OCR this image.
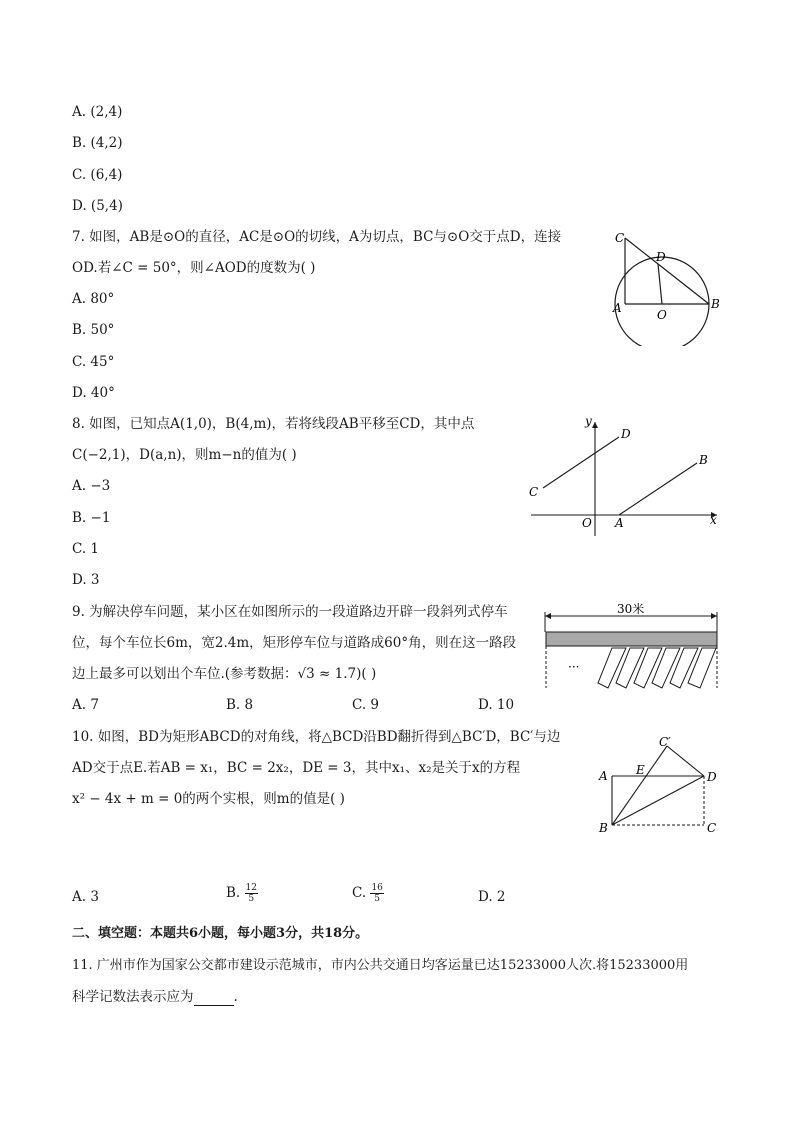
A. (2,4)
B. (4,2)
C. (6,4)
D. (5,4)
7. 如图，AB是⊙O的直径，AC是⊙O的切线，A为切点，BC与⊙O交于点D，连接
OD.若∠C = 50°，则∠AOD的度数为( )
A. 80°
B. 50°
C. 45°
D. 40°
C
D
A	O
B
8. 如图，已知点A(1,0)，B(4,m)，若将线段AB平移至CD，其中点
C(−2,1)，D(a,n)，则m−n的值为( )
A. −3
B. −1
C. 1
D. 3
y
x
D
B
C
O A
9. 为解决停车问题，某小区在如图所示的一段道路边开辟一段斜列式停车
位，每个车位长6m，宽2.4m，矩形停车位与道路成60°角，则在这一路段
边上最多可以划出个车位.(参考数据：√3 ≈ 1.7)( )
A. 7	B. 8	C. 9	D. 10
30米
···
10. 如图，BD为矩形ABCD的对角线，将△BCD沿BD翻折得到△BC′D，BC′与边
AD交于点E.若AB = x₁，BC = 2x₂，DE = 3，其中x₁、x₂是关于x的方程
x² − 4x + m = 0的两个实根，则m的值是( )
C′
A E	D
B	C
A. 3	B. $\frac{12}{5}$	C. $\frac{16}{5}$	D. 2
二、填空题：本题共6小题，每小题3分，共18分。
11. 广州市作为国家公交都市建设示范城市，市内公共交通日均客运量已达15233000人次.将15233000用
科学记数法表示应为	.
